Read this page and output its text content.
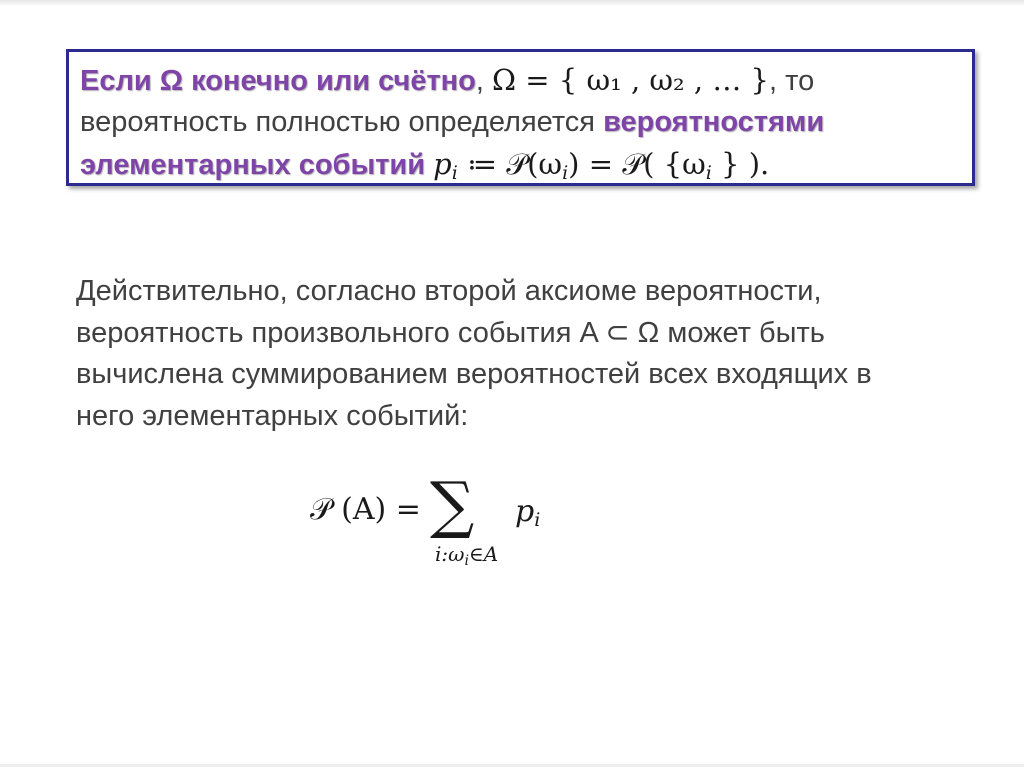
Если Ω конечно или счётно, Ω = { ω₁ , ω₂ , … }, то
вероятность полностью определяется вероятностями
элементарных событий pi ≔ 𝒫(ωi) = 𝒫( {ωi } ).
Действительно, согласно второй аксиоме вероятности,
вероятность произвольного события A ⊂ Ω может быть
вычислена суммированием вероятностей всех входящих в
него элементарных событий:
𝒫 (A) = ∑ $p_i$
$i:\omega_i\in A$
